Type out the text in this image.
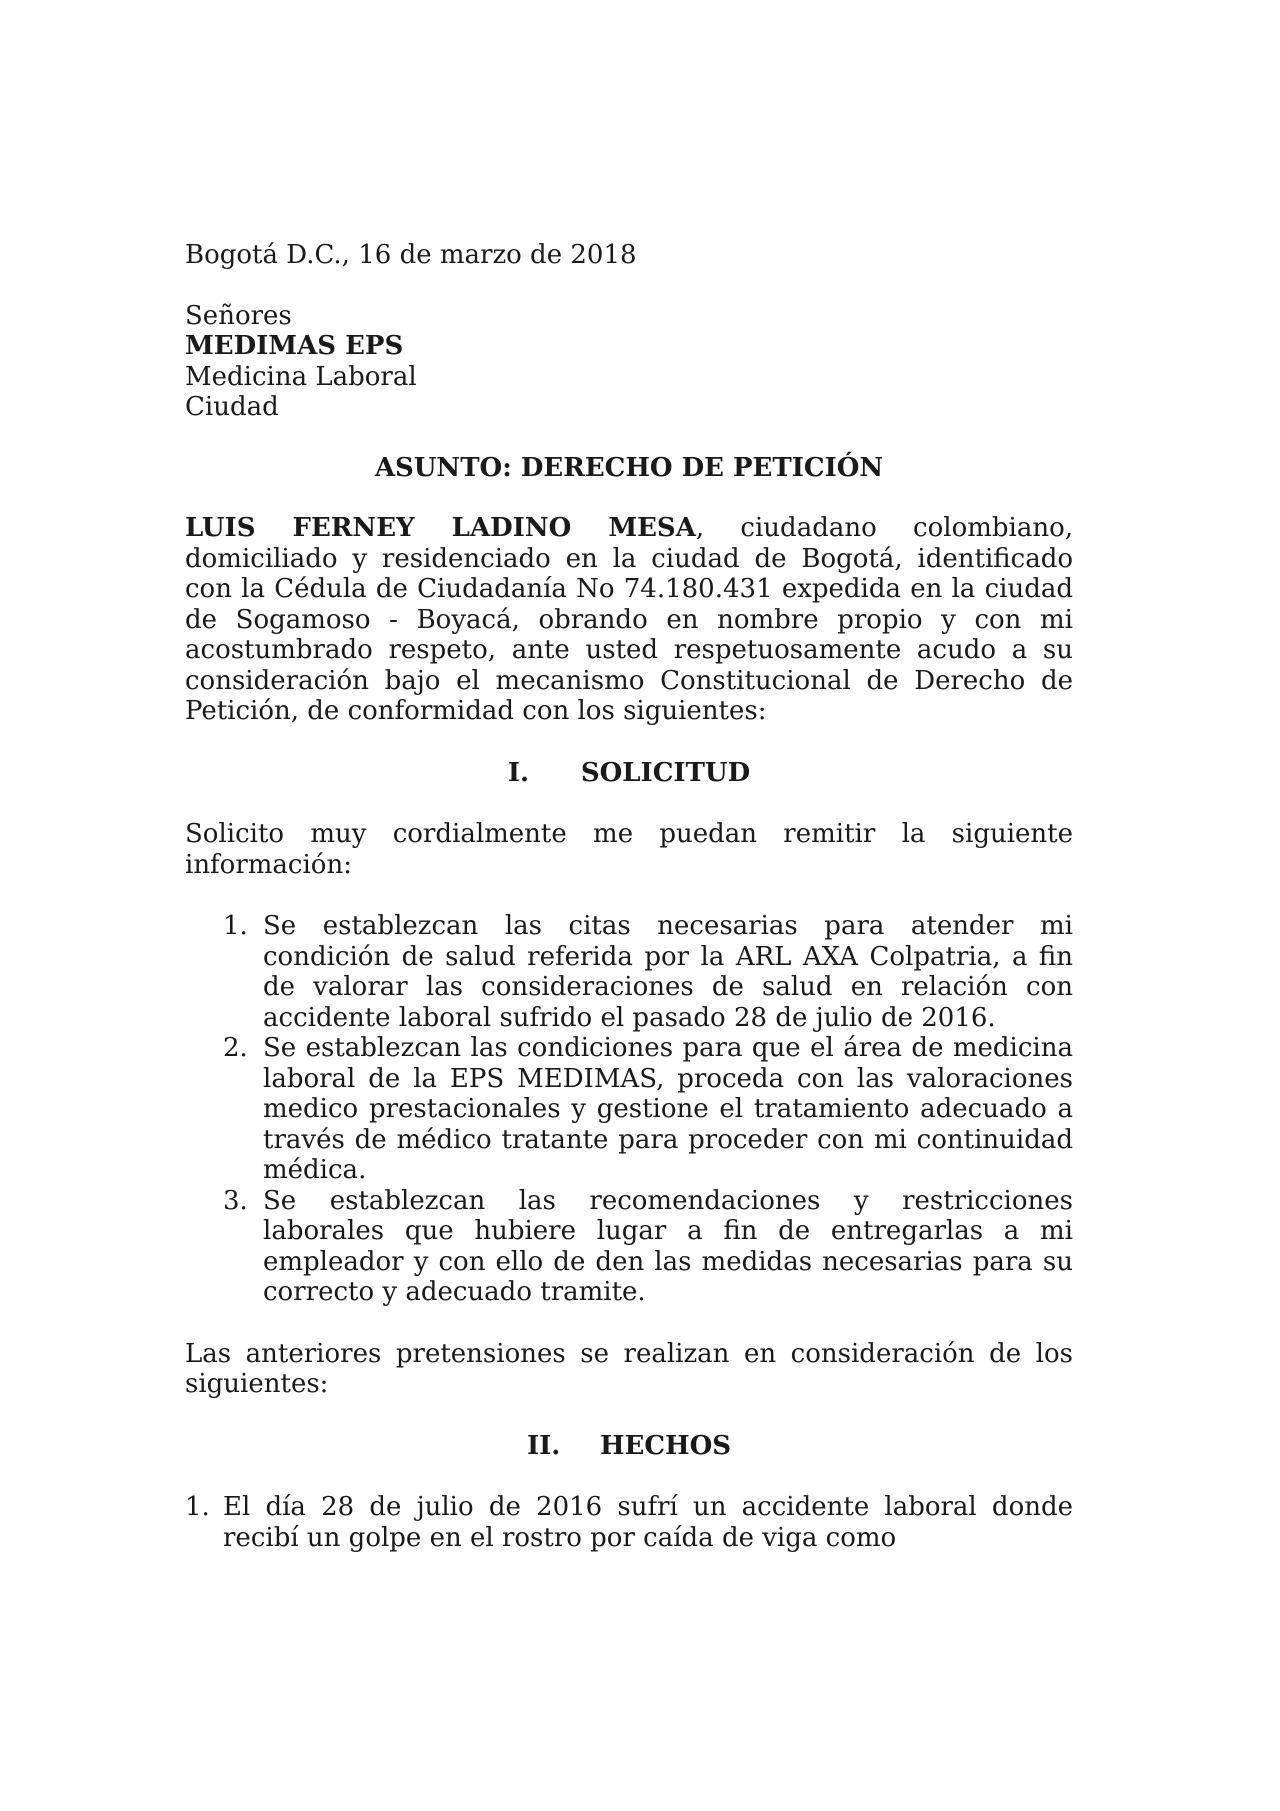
Bogotá D.C., 16 de marzo de 2018
Señores
MEDIMAS EPS
Medicina Laboral
Ciudad

ASUNTO: DERECHO DE PETICIÓN

LUIS FERNEY LADINO MESA, ciudadano colombiano, domiciliado y residenciado en la ciudad de Bogotá, identificado con la Cédula de Ciudadanía No 74.180.431 expedida en la ciudad de Sogamoso - Boyacá, obrando en nombre propio y con mi acostumbrado respeto, ante usted respetuosamente acudo a su consideración bajo el mecanismo Constitucional de Derecho de Petición, de conformidad con los siguientes:

I. SOLICITUD

Solicito muy cordialmente me puedan remitir la siguiente información:

1. Se establezcan las citas necesarias para atender mi condición de salud referida por la ARL AXA Colpatria, a fin de valorar las consideraciones de salud en relación con accidente laboral sufrido el pasado 28 de julio de 2016.
2. Se establezcan las condiciones para que el área de medicina laboral de la EPS MEDIMAS, proceda con las valoraciones medico prestacionales y gestione el tratamiento adecuado a través de médico tratante para proceder con mi continuidad médica.
3. Se establezcan las recomendaciones y restricciones laborales que hubiere lugar a fin de entregarlas a mi empleador y con ello de den las medidas necesarias para su correcto y adecuado tramite.

Las anteriores pretensiones se realizan en consideración de los siguientes:

II. HECHOS

1. El día 28 de julio de 2016 sufrí un accidente laboral donde recibí un golpe en el rostro por caída de viga como
